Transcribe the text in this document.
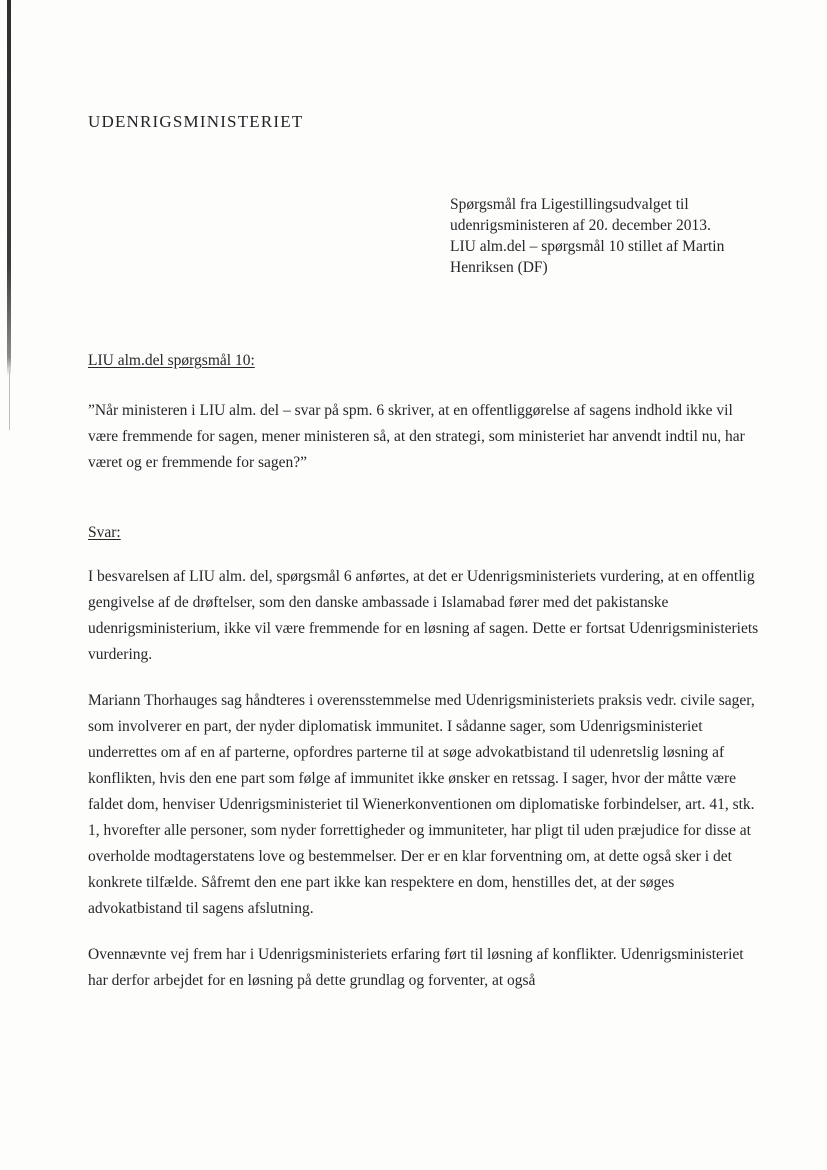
UDENRIGSMINISTERIET
Spørgsmål fra Ligestillingsudvalget til
udenrigsministeren af 20. december 2013.
LIU alm.del – spørgsmål 10 stillet af Martin
Henriksen (DF)
LIU alm.del spørgsmål 10:
”Når ministeren i LIU alm. del – svar på spm. 6 skriver, at en offentliggørelse af sagens indhold ikke vil være fremmende for sagen, mener ministeren så, at den strategi, som ministeriet har anvendt indtil nu, har været og er fremmende for sagen?”
Svar:

I besvarelsen af LIU alm. del, spørgsmål 6 anførtes, at det er Udenrigsministeriets vurdering, at en offentlig gengivelse af de drøftelser, som den danske ambassade i Islamabad fører med det pakistanske udenrigsministerium, ikke vil være fremmende for en løsning af sagen. Dette er fortsat Udenrigsministeriets vurdering.

Mariann Thorhauges sag håndteres i overensstemmelse med Udenrigsministeriets praksis vedr. civile sager, som involverer en part, der nyder diplomatisk immunitet. I sådanne sager, som Udenrigsministeriet underrettes om af en af parterne, opfordres parterne til at søge advokatbistand til udenretslig løsning af konflikten, hvis den ene part som følge af immunitet ikke ønsker en retssag. I sager, hvor der måtte være faldet dom, henviser Udenrigsministeriet til Wienerkonventionen om diplomatiske forbindelser, art. 41, stk. 1, hvorefter alle personer, som nyder forrettigheder og immuniteter, har pligt til uden præjudice for disse at overholde modtagerstatens love og bestemmelser. Der er en klar forventning om, at dette også sker i det konkrete tilfælde. Såfremt den ene part ikke kan respektere en dom, henstilles det, at der søges advokatbistand til sagens afslutning.

Ovennævnte vej frem har i Udenrigsministeriets erfaring ført til løsning af konflikter. Udenrigsministeriet har derfor arbejdet for en løsning på dette grundlag og forventer, at også
